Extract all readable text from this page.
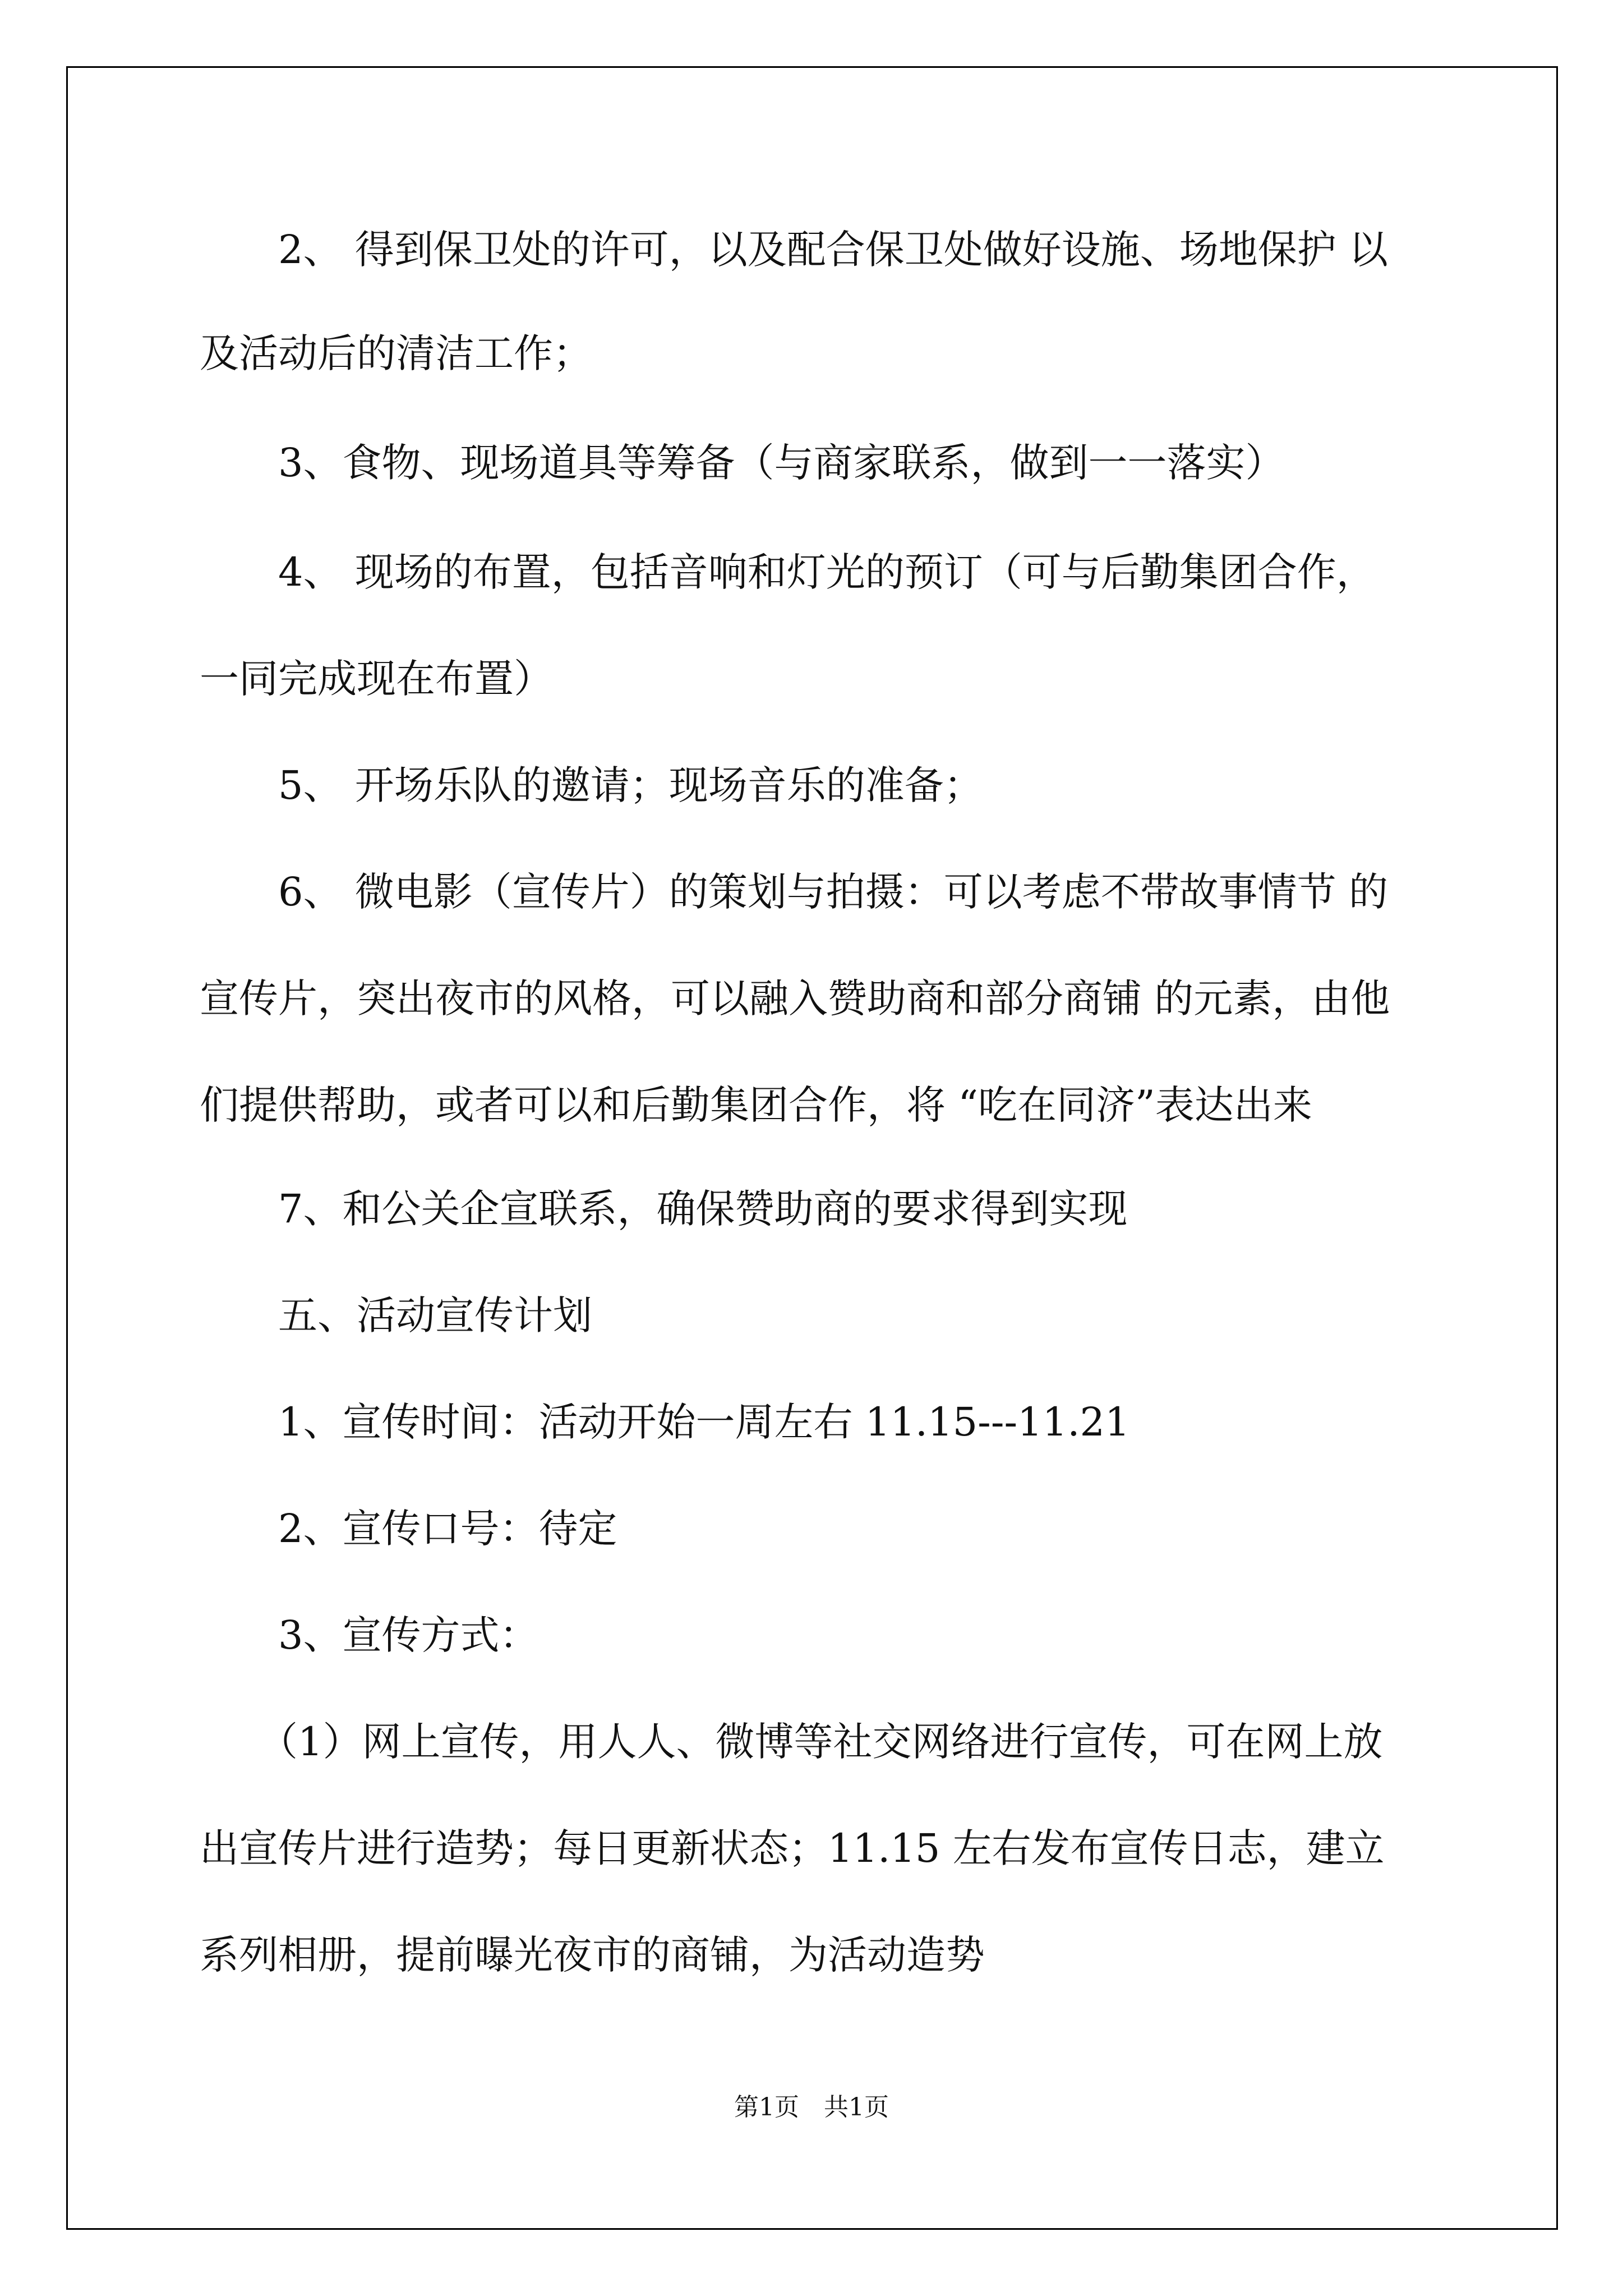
　　2、 得到保卫处的许可，以及配合保卫处做好设施、场地保护 以

及活动后的清洁工作；

　　3、食物、现场道具等筹备（与商家联系，做到一一落实）

　　4、 现场的布置，包括音响和灯光的预订（可与后勤集团合作，

一同完成现在布置）

　　5、 开场乐队的邀请；现场音乐的准备；

　　6、 微电影（宣传片）的策划与拍摄：可以考虑不带故事情节 的

宣传片，突出夜市的风格，可以融入赞助商和部分商铺 的元素，由他

们提供帮助，或者可以和后勤集团合作，将 “吃在同济”表达出来

　　7、和公关企宣联系，确保赞助商的要求得到实现

　　五、活动宣传计划

　　1、宣传时间：活动开始一周左右 11.15---11.21

　　2、宣传口号：待定

　　3、宣传方式：

　　（1）网上宣传，用人人、微博等社交网络进行宣传，可在网上放

出宣传片进行造势；每日更新状态；11.15 左右发布宣传日志，建立

系列相册，提前曝光夜市的商铺，为活动造势

第1页　共1页
